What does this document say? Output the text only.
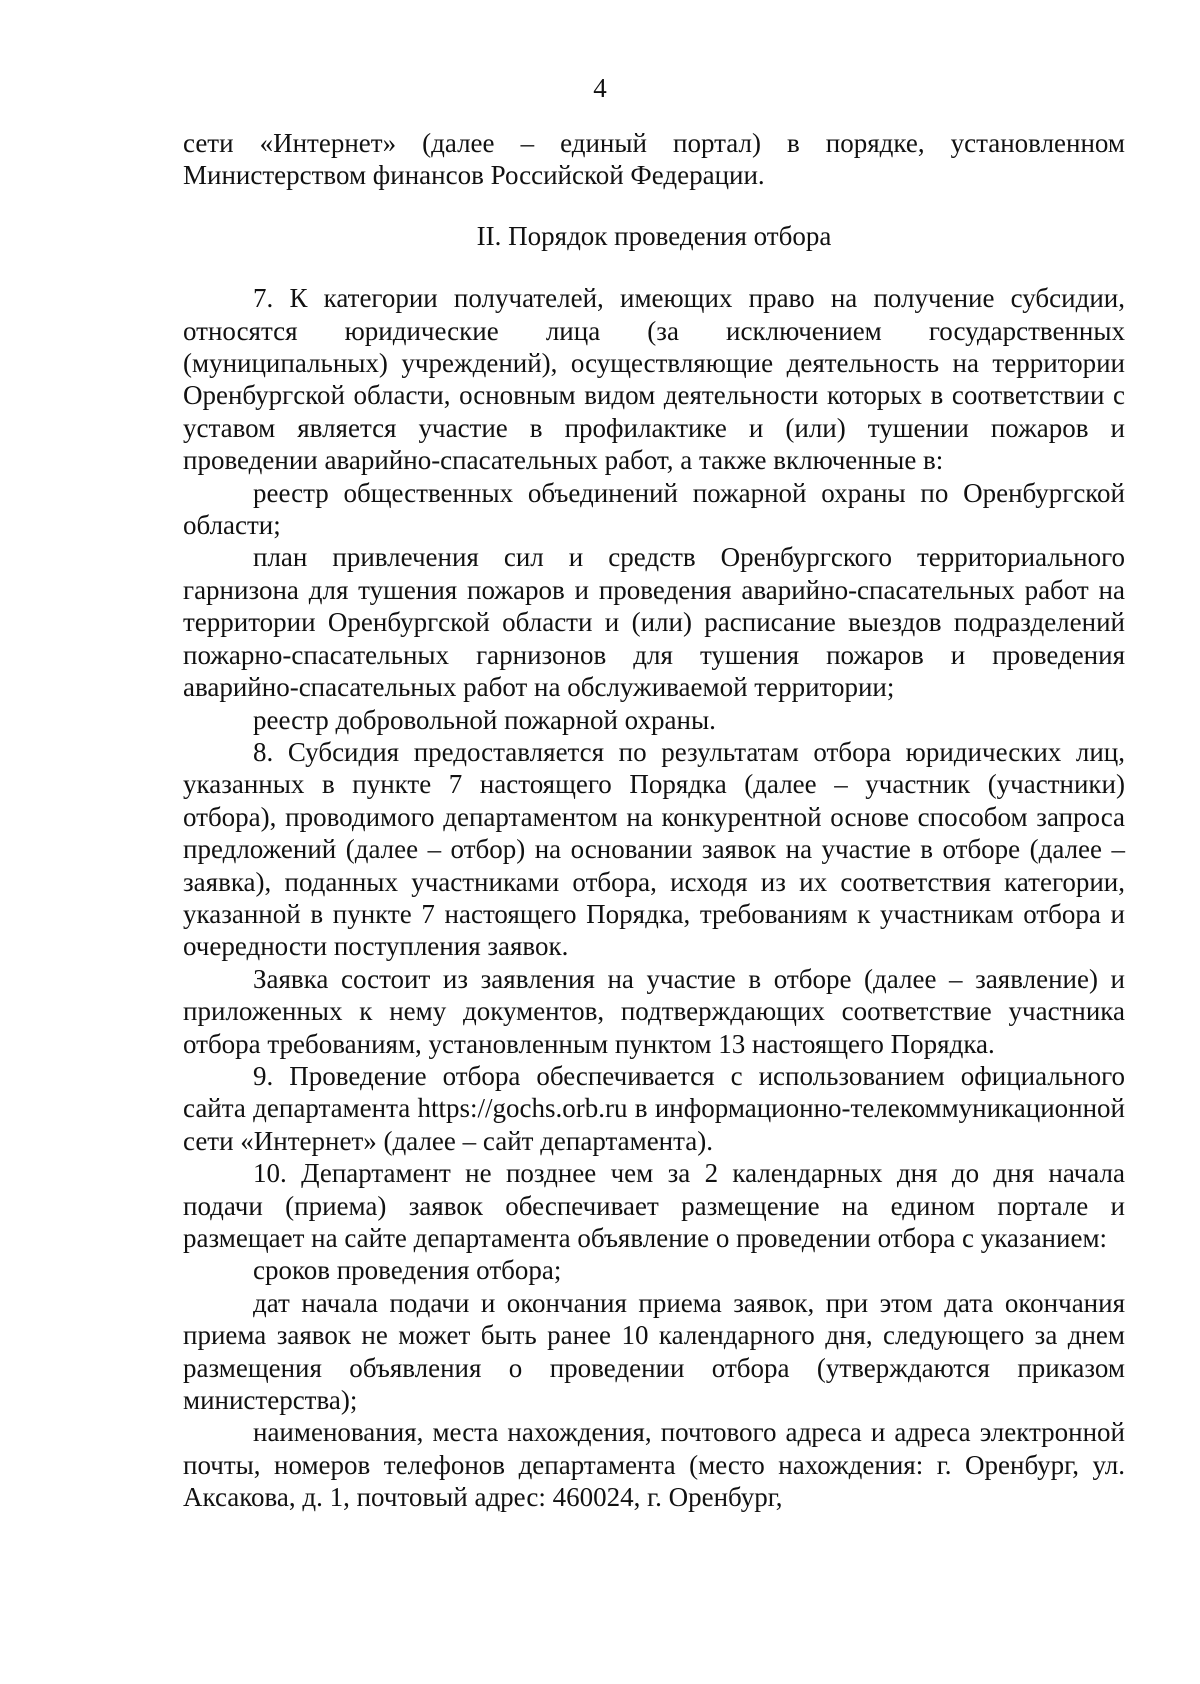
4

сети «Интернет» (далее – единый портал) в порядке, установленном Министерством финансов Российской Федерации.

II. Порядок проведения отбора

7. К категории получателей, имеющих право на получение субсидии, относятся юридические лица (за исключением государственных (муниципальных) учреждений), осуществляющие деятельность на территории Оренбургской области, основным видом деятельности которых в соответствии с уставом является участие в профилактике и (или) тушении пожаров и проведении аварийно-спасательных работ, а также включенные в:

реестр общественных объединений пожарной охраны по Оренбургской области;

план привлечения сил и средств Оренбургского территориального гарнизона для тушения пожаров и проведения аварийно-спасательных работ на территории Оренбургской области и (или) расписание выездов подразделений пожарно-спасательных гарнизонов для тушения пожаров и проведения аварийно-спасательных работ на обслуживаемой территории;

реестр добровольной пожарной охраны.

8. Субсидия предоставляется по результатам отбора юридических лиц, указанных в пункте 7 настоящего Порядка (далее – участник (участники) отбора), проводимого департаментом на конкурентной основе способом запроса предложений (далее – отбор) на основании заявок на участие в отборе (далее – заявка), поданных участниками отбора, исходя из их соответствия категории, указанной в пункте 7 настоящего Порядка, требованиям к участникам отбора и очередности поступления заявок.

Заявка состоит из заявления на участие в отборе (далее – заявление) и приложенных к нему документов, подтверждающих соответствие участника отбора требованиям, установленным пунктом 13 настоящего Порядка.

9. Проведение отбора обеспечивается с использованием официального сайта департамента https://gochs.orb.ru в информационно-телекоммуникационной сети «Интернет» (далее – сайт департамента).

10. Департамент не позднее чем за 2 календарных дня до дня начала подачи (приема) заявок обеспечивает размещение на едином портале и размещает на сайте департамента объявление о проведении отбора с указанием:

сроков проведения отбора;

дат начала подачи и окончания приема заявок, при этом дата окончания приема заявок не может быть ранее 10 календарного дня, следующего за днем размещения объявления о проведении отбора (утверждаются приказом министерства);

наименования, места нахождения, почтового адреса и адреса электронной почты, номеров телефонов департамента (место нахождения: г. Оренбург, ул. Аксакова, д. 1, почтовый адрес: 460024, г. Оренбург,
